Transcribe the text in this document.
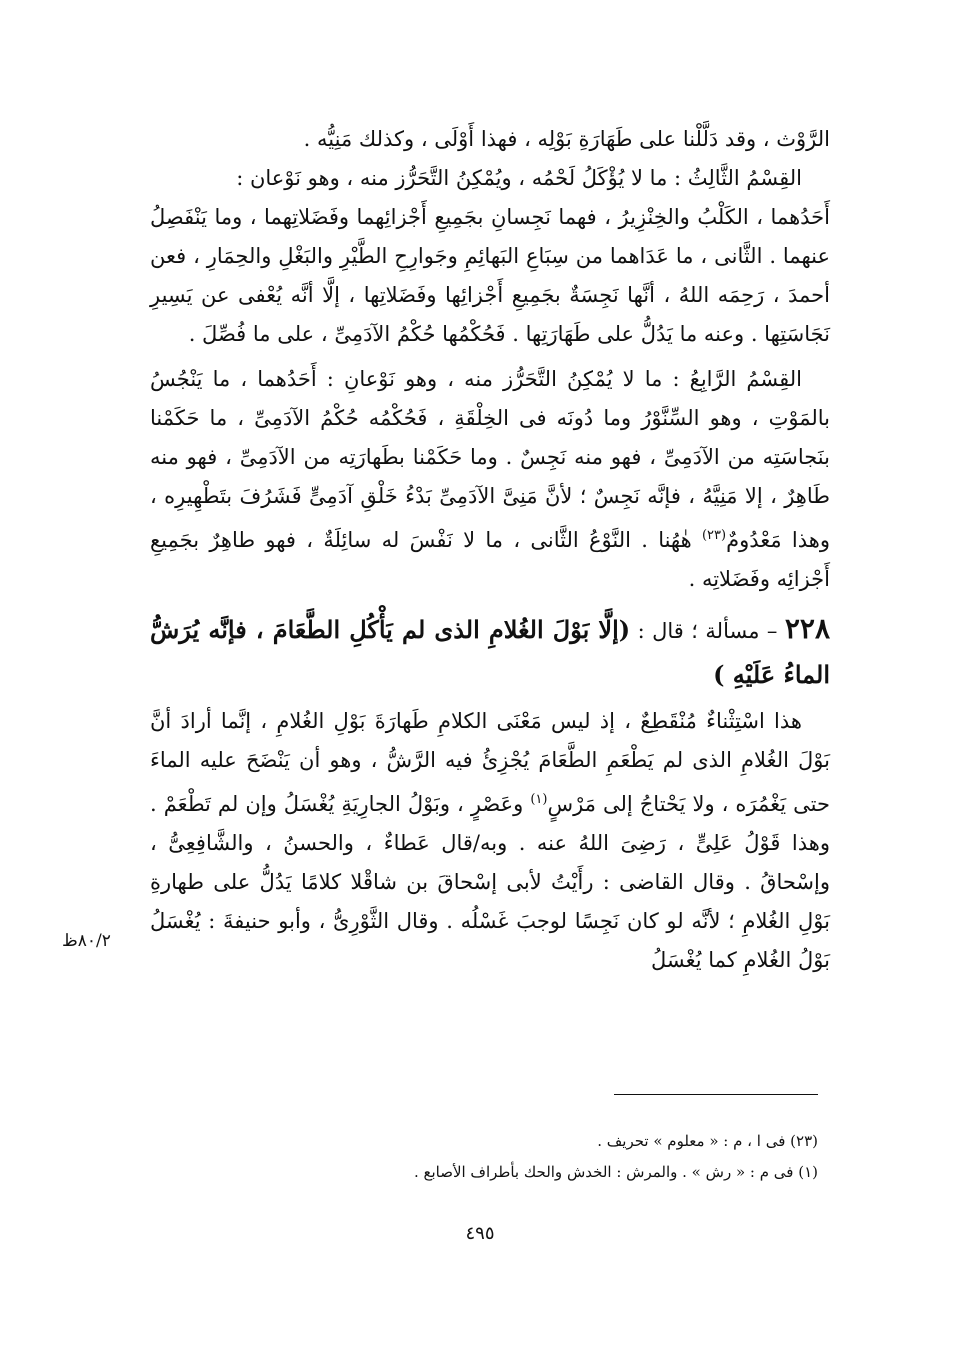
الرَّوْث ، وقد دَلَّلْنا على طَهَارَةِ بَوْلِه ، فهذا أَوْلَى ، وكذلك مَنِيُّه .

القِسْمُ الثَّالِثُ : ما لا يُؤْكَلُ لَحْمُه ، ويُمْكِنُ التَّحَرُّز منه ، وهو نَوْعان :

أَحَدُهما ، الكَلْبُ والخِنْزِيرُ ، فهما نَجِسانِ بجَمِيعِ أَجْزائِهما وفَضَلاتِهما ، وما يَنْفَصِلُ عنهما . الثَّانى ، ما عَدَاهما من سِبَاعِ البَهائِمِ وجَوارِحِ الطَّيْرِ والبَغْلِ والحِمَارِ ، فعن أحمدَ ، رَحِمَه اللهُ ، أنَّها نَجِسَةٌ بجَمِيعِ أَجْزائِها وفَضَلاتِها ، إلَّا أنَّه يُعْفى عن يَسِيرِ نَجَاسَتِها . وعنه ما يَدُلُّ على طَهَارَتِها . فَحُكْمُها حُكْمُ الآدَمِىِّ ، على ما فُصِّلَ .

القِسْمُ الرَّابِعُ : ما لا يُمْكِنُ التَّحَرُّز منه ، وهو نَوْعانِ : أَحَدُهما ، ما يَنْجُسُ بالمَوْتِ ، وهو السِّنَّوْرُ وما دُونَه فى الخِلْقَةِ ، فَحُكْمُه حُكْمُ الآدَمِىِّ ، ما حَكَمْنا بنَجاسَتِه من الآدَمِىِّ ، فهو منه نَجِسٌ . وما حَكَمْنا بطَهارَتِه من الآدَمِىِّ ، فهو منه طَاهِرٌ ، إلا مَنِيَّهُ ، فإنَّه نَجِسٌ ؛ لأنَّ مَنِىَّ الآدَمِىِّ بَدْءُ خَلْقِ آدَمِىٍّ فَشَرُفَ بتَطْهِيرِه ، وهذا مَعْدُومٌ$^{(٢٣)}$ هٰهُنا . النَّوْعُ الثَّانى ، ما لا نَفْسَ له سائِلَةٌ ، فهو طاهِرٌ بجَمِيعِ أَجْزائِه وفَضَلاتِه .

٢٢٨ – مسألة ؛ قال : (إلَّا بَوْلَ الغُلامِ الذى لم يَأْكُلِ الطَّعَامَ ، فإنَّه يُرَشُّ الماءُ عَلَيْهِ )

هذا اسْتِثْناءٌ مُنْقَطِعٌ ، إذ ليس مَعْنَى الكلامِ طَهارَةَ بَوْلِ الغُلامِ ، إنَّما أرادَ أنَّ بَوْلَ الغُلامِ الذى لم يَطْعَمِ الطَّعَامَ يُجْزِئُ فيه الرَّشُّ ، وهو أن يَنْضَحَ عليه الماءَ حتى يَغْمُرَه ، ولا يَحْتاجُ إلى مَرْسٍ$^{(١)}$ وعَصْرٍ ، وبَوْلُ الجارِيَةِ يُغْسَلُ وإن لم تَطْعَمْ . وهذا قَوْلُ عَلِىٍّ ، رَضِىَ اللهُ عنه . وبه/قال عَطاءٌ ، والحسنُ ، والشَّافِعِىُّ ، وإسْحاقُ . وقال القاضى : رأَيْتُ لأبى إسْحاقَ بن شاقْلا كلامًا يَدُلُّ على طهارةِ بَوْلِ الغُلامِ ؛ لأنَّه لو كان نَجِسًا لوجبَ غَسْلُه . وقال الثَّوْرِىُّ ، وأبو حنيفةَ : يُغْسَلُ بَوْلُ الغُلامِ كما يُغْسَلُ

٨٠/٢ظ

(٢٣) فى ا ، م : « معلوم » تحريف .

(١) فى م : « رش » . والمرش : الخدش والحك بأطراف الأصابع .

٤٩٥
